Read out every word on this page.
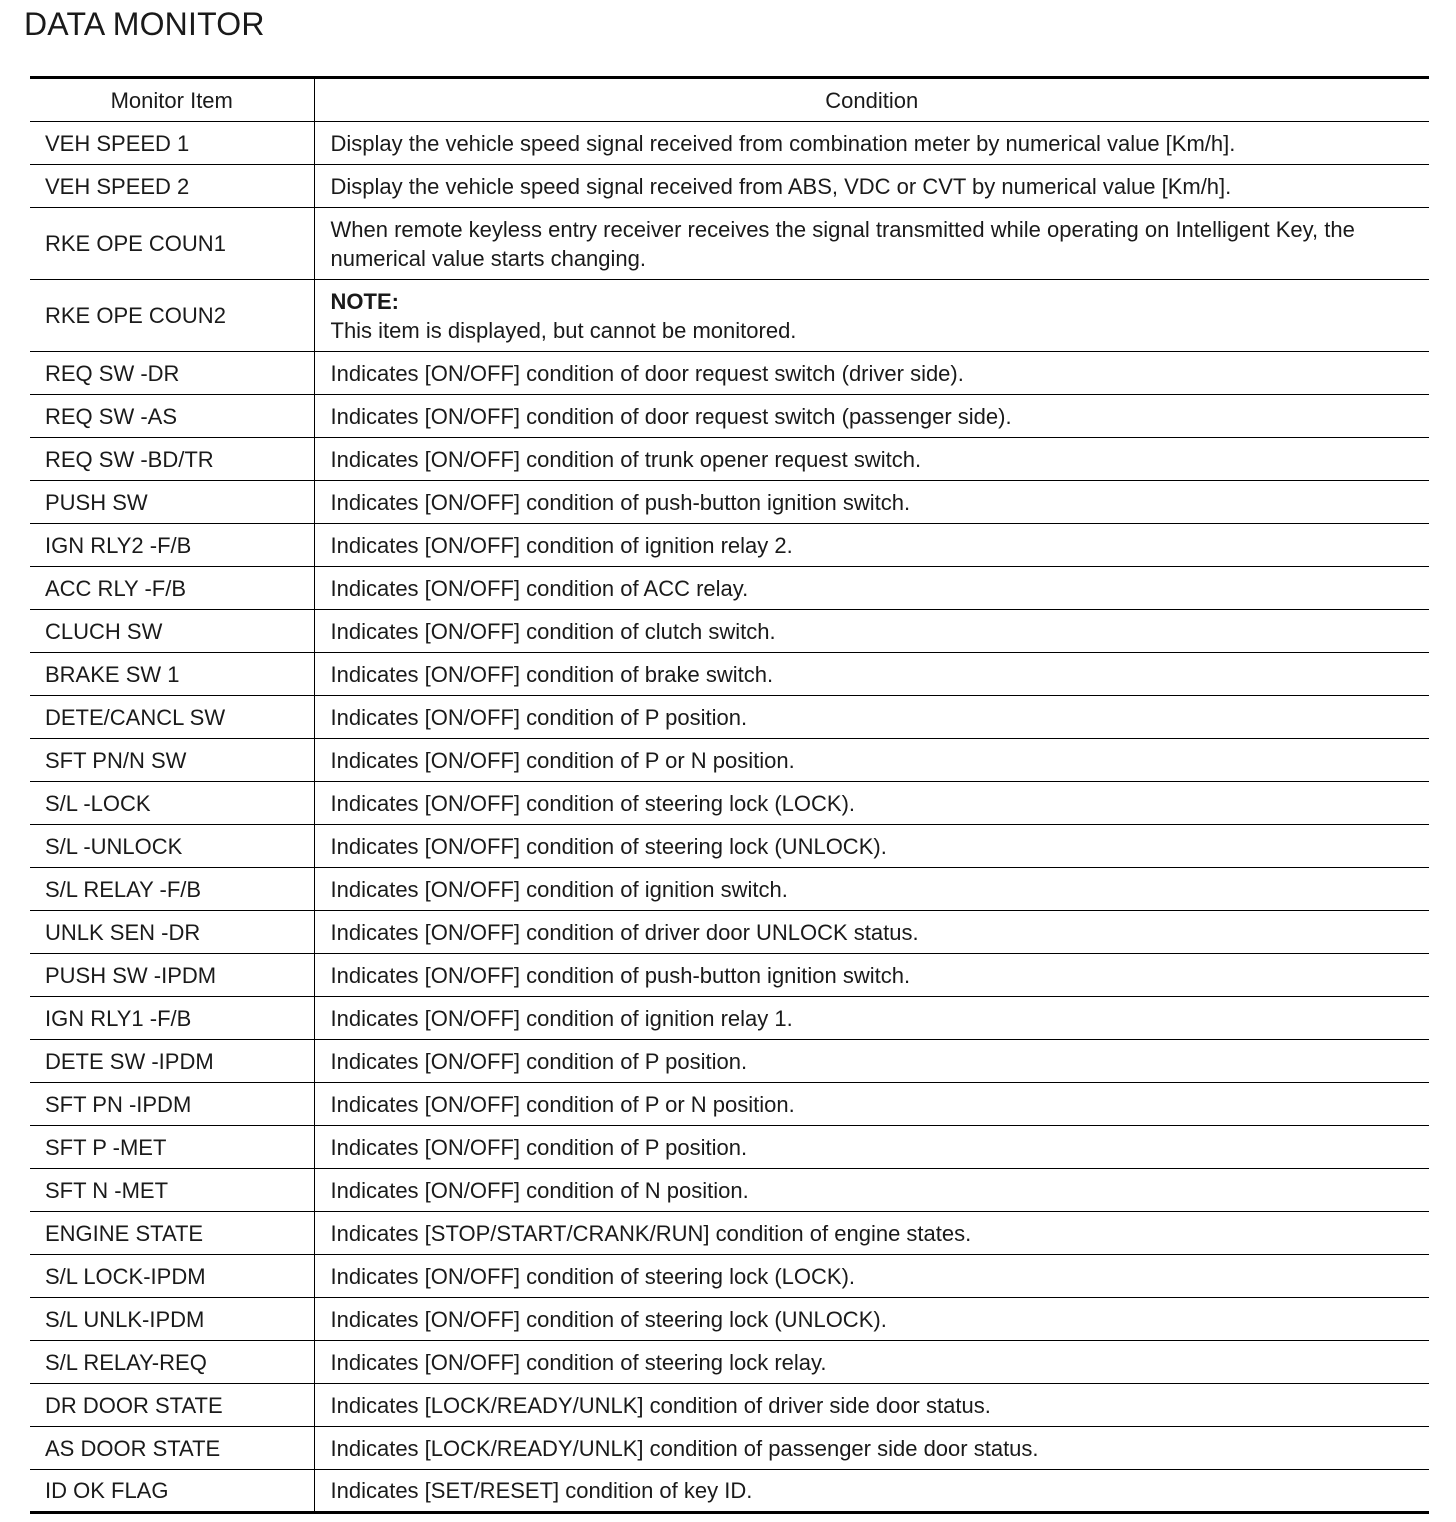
DATA MONITOR
Monitor Item	Condition
VEH SPEED 1	Display the vehicle speed signal received from combination meter by numerical value [Km/h].
VEH SPEED 2	Display the vehicle speed signal received from ABS, VDC or CVT by numerical value [Km/h].
RKE OPE COUN1	When remote keyless entry receiver receives the signal transmitted while operating on Intelligent Key, the numerical value starts changing.
RKE OPE COUN2	NOTE:
This item is displayed, but cannot be monitored.

REQ SW -DR	Indicates [ON/OFF] condition of door request switch (driver side).
REQ SW -AS	Indicates [ON/OFF] condition of door request switch (passenger side).
REQ SW -BD/TR	Indicates [ON/OFF] condition of trunk opener request switch.
PUSH SW	Indicates [ON/OFF] condition of push-button ignition switch.
IGN RLY2 -F/B	Indicates [ON/OFF] condition of ignition relay 2.
ACC RLY -F/B	Indicates [ON/OFF] condition of ACC relay.
CLUCH SW	Indicates [ON/OFF] condition of clutch switch.
BRAKE SW 1	Indicates [ON/OFF] condition of brake switch.
DETE/CANCL SW	Indicates [ON/OFF] condition of P position.
SFT PN/N SW	Indicates [ON/OFF] condition of P or N position.
S/L -LOCK	Indicates [ON/OFF] condition of steering lock (LOCK).
S/L -UNLOCK	Indicates [ON/OFF] condition of steering lock (UNLOCK).
S/L RELAY -F/B	Indicates [ON/OFF] condition of ignition switch.
UNLK SEN -DR	Indicates [ON/OFF] condition of driver door UNLOCK status.
PUSH SW -IPDM	Indicates [ON/OFF] condition of push-button ignition switch.
IGN RLY1 -F/B	Indicates [ON/OFF] condition of ignition relay 1.
DETE SW -IPDM	Indicates [ON/OFF] condition of P position.
SFT PN -IPDM	Indicates [ON/OFF] condition of P or N position.
SFT P -MET	Indicates [ON/OFF] condition of P position.
SFT N -MET	Indicates [ON/OFF] condition of N position.
ENGINE STATE	Indicates [STOP/START/CRANK/RUN] condition of engine states.
S/L LOCK-IPDM	Indicates [ON/OFF] condition of steering lock (LOCK).
S/L UNLK-IPDM	Indicates [ON/OFF] condition of steering lock (UNLOCK).
S/L RELAY-REQ	Indicates [ON/OFF] condition of steering lock relay.
DR DOOR STATE	Indicates [LOCK/READY/UNLK] condition of driver side door status.
AS DOOR STATE	Indicates [LOCK/READY/UNLK] condition of passenger side door status.
ID OK FLAG	Indicates [SET/RESET] condition of key ID.
